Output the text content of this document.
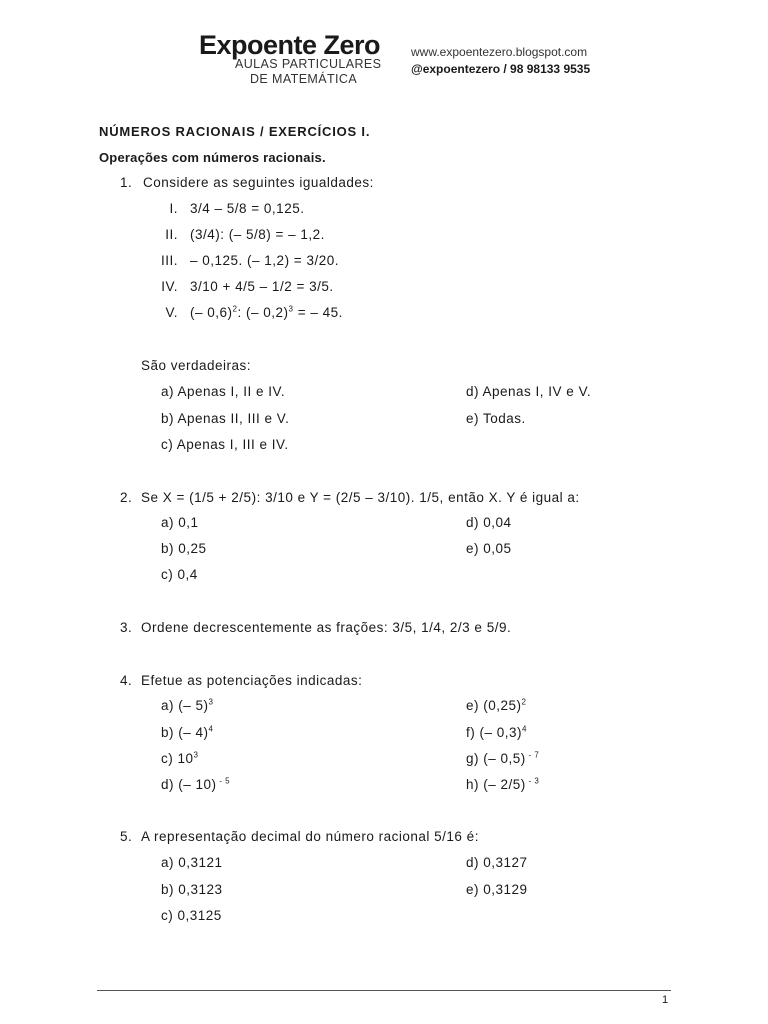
Expoente Zero
AULAS PARTICULARES
DE MATEMÁTICA
www.expoentezero.blogspot.com
@expoentezero / 98 98133 9535
NÚMEROS RACIONAIS / EXERCÍCIOS I.
Operações com números racionais.
1. Considere as seguintes igualdades:
I. 3/4 – 5/8 = 0,125.
II. (3/4): (– 5/8) = – 1,2.
III. – 0,125. (– 1,2) = 3/20.
IV. 3/10 + 4/5 – 1/2 = 3/5.
V. (– 0,6)$^2$: (– 0,2)$^3$ = – 45.
São verdadeiras:
a) Apenas I, II e IV.
b) Apenas II, III e V.
c) Apenas I, III e IV.
d) Apenas I, IV e V.
e) Todas.
2. Se X = (1/5 + 2/5): 3/10 e Y = (2/5 – 3/10). 1/5, então X. Y é igual a:
a) 0,1
b) 0,25
c) 0,4
d) 0,04
e) 0,05
3. Ordene decrescentemente as frações: 3/5, 1/4, 2/3 e 5/9.
4. Efetue as potenciações indicadas:
a) (– 5)$^3$
b) (– 4)$^4$
c) $10^3$
d) (– 10) $^{- 5}$
e) $(0,25)^2$
f) (– 0,3)$^4$
g) (– 0,5) $^{- 7}$
h) (– 2/5) $^{- 3}$
5. A representação decimal do número racional 5/16 é:
a) 0,3121
b) 0,3123
c) 0,3125
d) 0,3127
e) 0,3129
1
